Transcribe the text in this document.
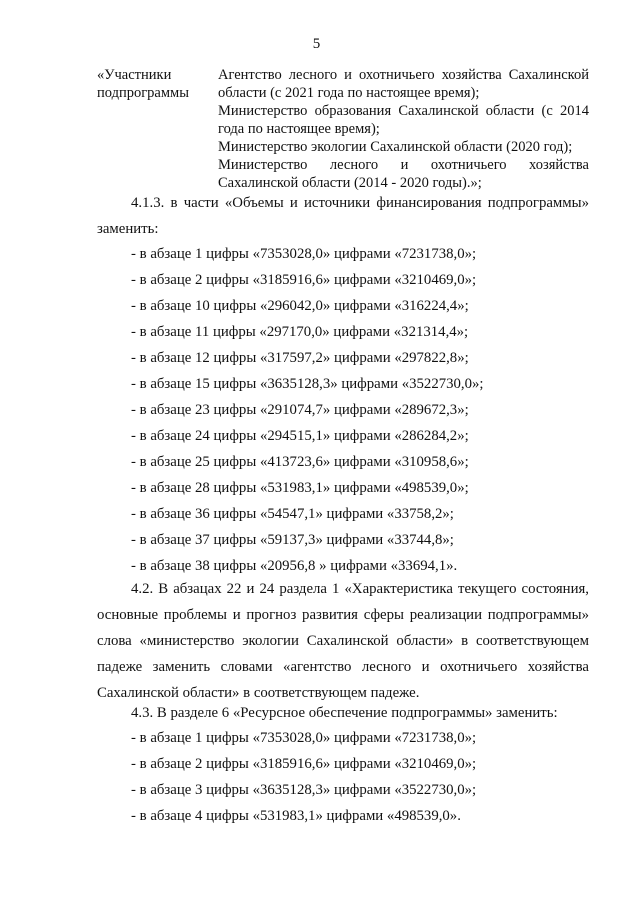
5
«Участники
подпрограммы
Агентство лесного и охотничьего хозяйства Сахалинской
области (с 2021 года по настоящее время);
Министерство образования Сахалинской области (с 2014
года по настоящее время);
Министерство экологии Сахалинской области (2020 год);
Министерство лесного и охотничьего хозяйства
Сахалинской области (2014 - 2020 годы).»;
4.1.3. в части «Объемы и источники финансирования подпрограммы»
заменить:
- в абзаце 1 цифры «7353028,0» цифрами «7231738,0»;
- в абзаце 2 цифры «3185916,6» цифрами «3210469,0»;
- в абзаце 10 цифры «296042,0» цифрами «316224,4»;
- в абзаце 11 цифры «297170,0» цифрами «321314,4»;
- в абзаце 12 цифры «317597,2» цифрами «297822,8»;
- в абзаце 15 цифры «3635128,3» цифрами «3522730,0»;
- в абзаце 23 цифры «291074,7» цифрами «289672,3»;
- в абзаце 24 цифры «294515,1» цифрами «286284,2»;
- в абзаце 25 цифры «413723,6» цифрами «310958,6»;
- в абзаце 28 цифры «531983,1» цифрами «498539,0»;
- в абзаце 36 цифры «54547,1» цифрами «33758,2»;
- в абзаце 37 цифры «59137,3» цифрами «33744,8»;
- в абзаце 38 цифры «20956,8 » цифрами «33694,1».
4.2. В абзацах 22 и 24 раздела 1 «Характеристика текущего состояния, основные проблемы и прогноз развития сферы реализации подпрограммы» слова «министерство экологии Сахалинской области» в соответствующем падеже заменить словами «агентство лесного и охотничьего хозяйства Сахалинской области» в соответствующем падеже.
4.3. В разделе 6 «Ресурсное обеспечение подпрограммы» заменить:
- в абзаце 1 цифры «7353028,0» цифрами «7231738,0»;
- в абзаце 2 цифры «3185916,6» цифрами «3210469,0»;
- в абзаце 3 цифры «3635128,3» цифрами «3522730,0»;
- в абзаце 4 цифры «531983,1» цифрами «498539,0».
